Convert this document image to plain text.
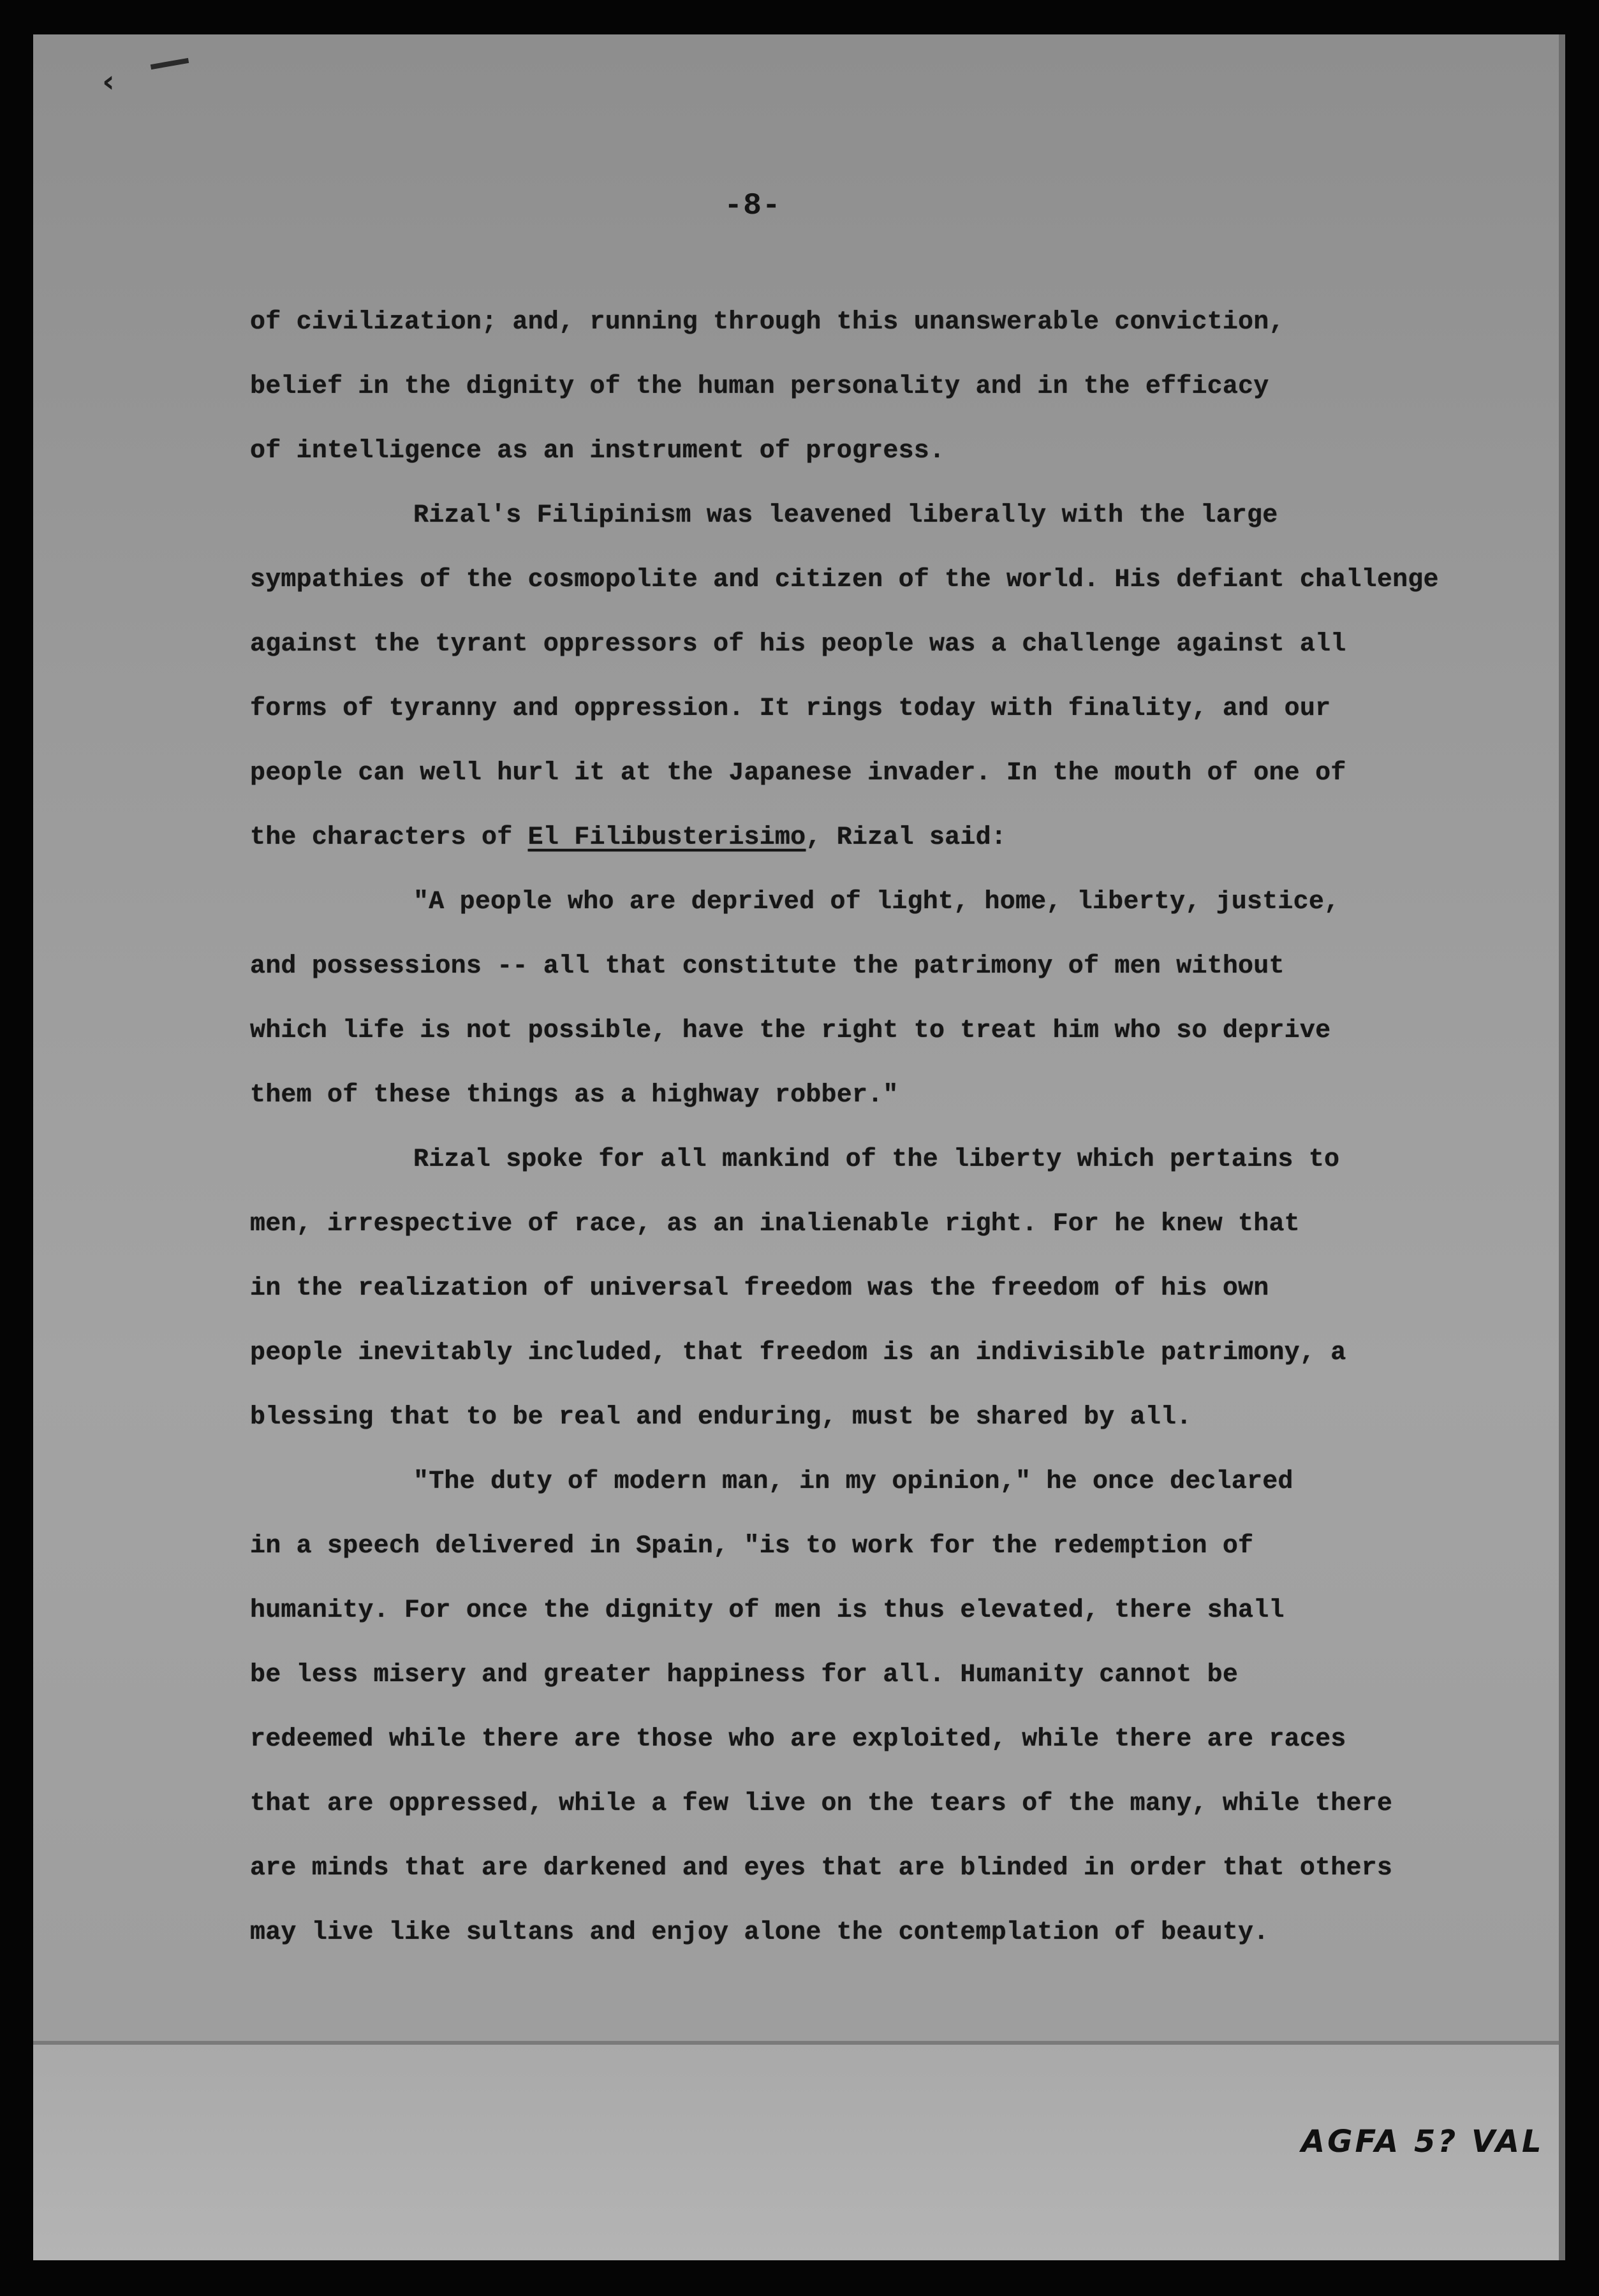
‹
-8-
of civilization; and, running through this unanswerable conviction,
belief in the dignity of the human personality and in the efficacy
of intelligence as an instrument of progress.
Rizal's Filipinism was leavened liberally with the large
sympathies of the cosmopolite and citizen of the world. His defiant challenge
against the tyrant oppressors of his people was a challenge against all
forms of tyranny and oppression. It rings today with finality, and our
people can well hurl it at the Japanese invader. In the mouth of one of
the characters of El Filibusterisimo, Rizal said:
"A people who are deprived of light, home, liberty, justice,
and possessions -- all that constitute the patrimony of men without
which life is not possible, have the right to treat him who so deprive
them of these things as a highway robber."
Rizal spoke for all mankind of the liberty which pertains to
men, irrespective of race, as an inalienable right. For he knew that
in the realization of universal freedom was the freedom of his own
people inevitably included, that freedom is an indivisible patrimony, a
blessing that to be real and enduring, must be shared by all.
"The duty of modern man, in my opinion," he once declared
in a speech delivered in Spain, "is to work for the redemption of
humanity. For once the dignity of men is thus elevated, there shall
be less misery and greater happiness for all. Humanity cannot be
redeemed while there are those who are exploited, while there are races
that are oppressed, while a few live on the tears of the many, while there
are minds that are darkened and eyes that are blinded in order that others
may live like sultans and enjoy alone the contemplation of beauty.
AGFA 5? VAL
